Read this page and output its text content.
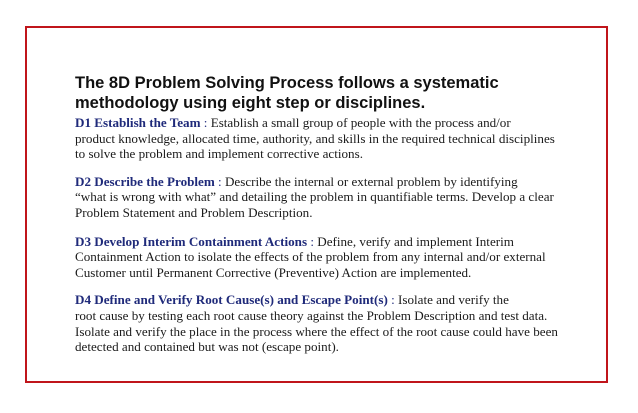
The 8D Problem Solving Process follows a systematic
methodology using eight step or disciplines.

D1 Establish the Team : Establish a small group of people with the process and/or
product knowledge, allocated time, authority, and skills in the required technical disciplines
to solve the problem and implement corrective actions.

D2 Describe the Problem : Describe the internal or external problem by identifying
“what is wrong with what” and detailing the problem in quantifiable terms. Develop a clear
Problem Statement and Problem Description.

D3 Develop Interim Containment Actions : Define, verify and implement Interim
Containment Action to isolate the effects of the problem from any internal and/or external
Customer until Permanent Corrective (Preventive) Action are implemented.

D4 Define and Verify Root Cause(s) and Escape Point(s) : Isolate and verify the
root cause by testing each root cause theory against the Problem Description and test data.
Isolate and verify the place in the process where the effect of the root cause could have been
detected and contained but was not (escape point).
